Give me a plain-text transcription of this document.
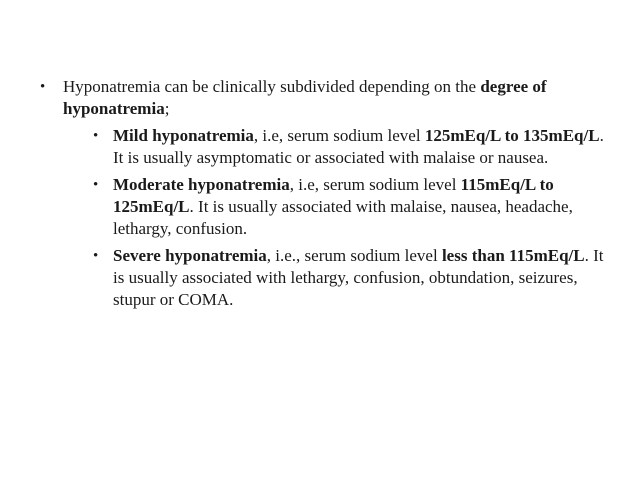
• Hyponatremia can be clinically subdivided depending on the degree of hyponatremia;
• Mild hyponatremia, i.e, serum sodium level 125mEq/L to 135mEq/L. It is usually asymptomatic or associated with malaise or nausea.
• Moderate hyponatremia, i.e, serum sodium level 115mEq/L to 125mEq/L. It is usually associated with malaise, nausea, headache, lethargy, confusion.
• Severe hyponatremia, i.e., serum sodium level less than 115mEq/L. It is usually associated with lethargy, confusion, obtundation, seizures, stupur or COMA.
